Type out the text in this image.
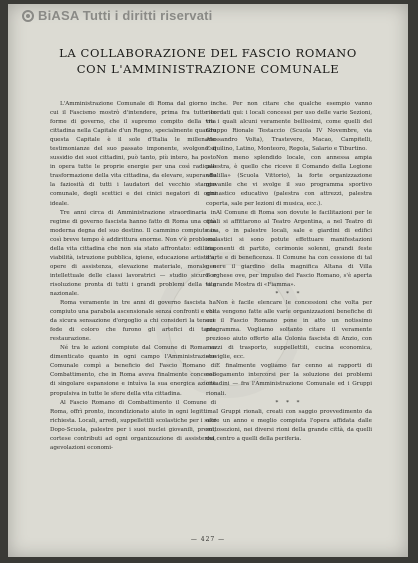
BiASA Tutti i diritti riservati
LA COLLABORAZIONE DEL FASCIO ROMANO
CON L'AMMINISTRAZIONE COMUNALE

L'Amministrazione Comunale di Roma dal giorno in cui il Fascismo mostrò d'intendere, prima fra tutte le forme di governo, che il supremo compito della vita cittadina nella Capitale d'un Regno, specialmente quando questa Capitale è il sole d'Italia le millenarie testimonianze del suo passato imponente, svolgono il sussidio dei suoi cittadini, può tanto, più intero, ha posto in opera tutte le proprie energie per una così radicale trasformazione della vita cittadina, da elevare, superando la faziosità di tutti i laudatori del vecchio stampo comunale, degli scettici e dei cinici negatori di ogni ideale.

Tre anni circa di Amministrazione straordinaria in regime di governo fascista hanno fatto di Roma una città moderna degna del suo destino. Il cammino compiuto in così breve tempo è addirittura enorme. Non v'è problema della vita cittadina che non sia stato affrontato: edilizia, viabilità, istruzione pubblica, igiene, educazione artistica, opere di assistenza, elevazione materiale, morale e intellettuale delle classi lavoratrici — studio sicuro e risoluzione pronta di tutti i grandi problemi della vita nazionale.

Roma veramente in tre anni di governo fascista ha compiuto una parabola ascensionale senza confronti e che da sicura sensazione d'orgoglio a chi consideri la tenace fede di coloro che furono gli artefici di tanta restaurazione.

Né tra le azioni compiute dal Comune di Roma va dimenticato quanto in ogni campo l'Amministrazione Comunale compì a beneficio del Fascio Romano di Combattimento, che in Roma aveva finalmente concesso di singolare espansione e intuìva la sua energica azione propulsiva in tutte le sfere della vita cittadina.

Al Fascio Romano di Combattimento il Comune di Roma, offrì pronto, incondizionato aiuto in ogni legittima richiesta. Locali, arredi, suppellettili scolastiche per i suoi Dopo-Scuola, palestre per i suoi nuclei giovanili, premi, cortese contributi ad ogni organizzazione di assistenza, agevolazioni economi-

che. Per non citare che qualche esempio vanno ricordati qui: i locali concessi per uso delle varie Sezioni, tra i quali alcuni veramente bellissimi, come quelli del Gruppo Rionale Testaccio (Scuola IV Novembre, via Alessandro Volta), Trastevere, Macao, Campitelli, Esquilino, Latino, Monteoro, Regola, Salario e Tiburtino.

Non meno splendido locale, con annessa ampia palestra, è quello che riceve il Comando della Legione «Balilla» (Scuola Vittorio), la forte organizzazione giovanile che vi svolge il suo programma sportivo ginnastico educativo (palestra con attrezzi, palestra coperta, sale per lezioni di musica, ecc.).

Al Comune di Roma son dovute le facilitazioni per le quali si affittarono al Teatro Argentina, a nel Teatro di casa, o in palestre locali, sale e giardini di edifici scolastici si sono potute effettuare manifestazioni imponenti di partito, cerimonie solenni, grandi feste d'arte e di beneficenza. Il Comune ha con cessione di tal genere il giardino della magnifica Altana di Villa Borghese ove, per impulso del Fascio Romano, s'è aperta la grande Mostra di «Fiamma».

* * *

Non è facile elencare le concessioni che volta per volta vengono fatte alle varie organizzazioni benefiche di cui il Fascio Romano pone in atto un notissimo programma. Vogliamo soltanto citare il veramente prezioso aiuto offerto alla Colonia fascista di Anzio, con mezzi di trasporto, suppellettili, cucina economica, stoviglie, ecc.

E finalmente vogliamo far cenno ai rapporti di collegamento intercorsi per la soluzione dei problemi cittadini — fra l'Amministrazione Comunale ed i Gruppi rionali.

* * *

I Gruppi rionali, creati con saggio provvedimento da oltre un anno e meglio compiuta l'opera affidata dalle sottosezioni, nei diversi rioni della grande città, da quelli del centro a quelli della periferia.

— 427 —
